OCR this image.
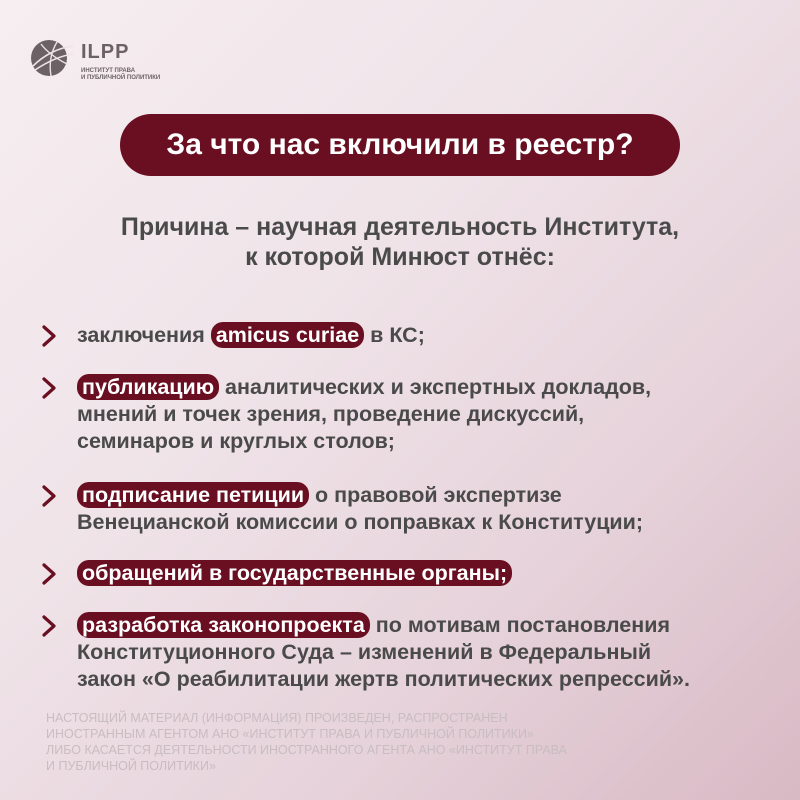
ILPP
ИНСТИТУТ ПРАВА
И ПУБЛИЧНОЙ ПОЛИТИКИ
За что нас включили в реестр?
Причина – научная деятельность Института,
к которой Минюст отнёс:
заключения amicus curiae в КС;
публикацию аналитических и экспертных докладов,
мнений и точек зрения, проведение дискуссий,
семинаров и круглых столов;
подписание петиции о правовой экспертизе
Венецианской комиссии о поправках к Конституции;
обращений в государственные органы;
разработка законопроекта по мотивам постановления
Конституционного Суда – изменений в Федеральный
закон «О реабилитации жертв политических репрессий».
НАСТОЯЩИЙ МАТЕРИАЛ (ИНФОРМАЦИЯ) ПРОИЗВЕДЕН, РАСПРОСТРАНЕН
ИНОСТРАННЫМ АГЕНТОМ АНО «ИНСТИТУТ ПРАВА И ПУБЛИЧНОЙ ПОЛИТИКИ»
ЛИБО КАСАЕТСЯ ДЕЯТЕЛЬНОСТИ ИНОСТРАННОГО АГЕНТА АНО «ИНСТИТУТ ПРАВА
И ПУБЛИЧНОЙ ПОЛИТИКИ»
